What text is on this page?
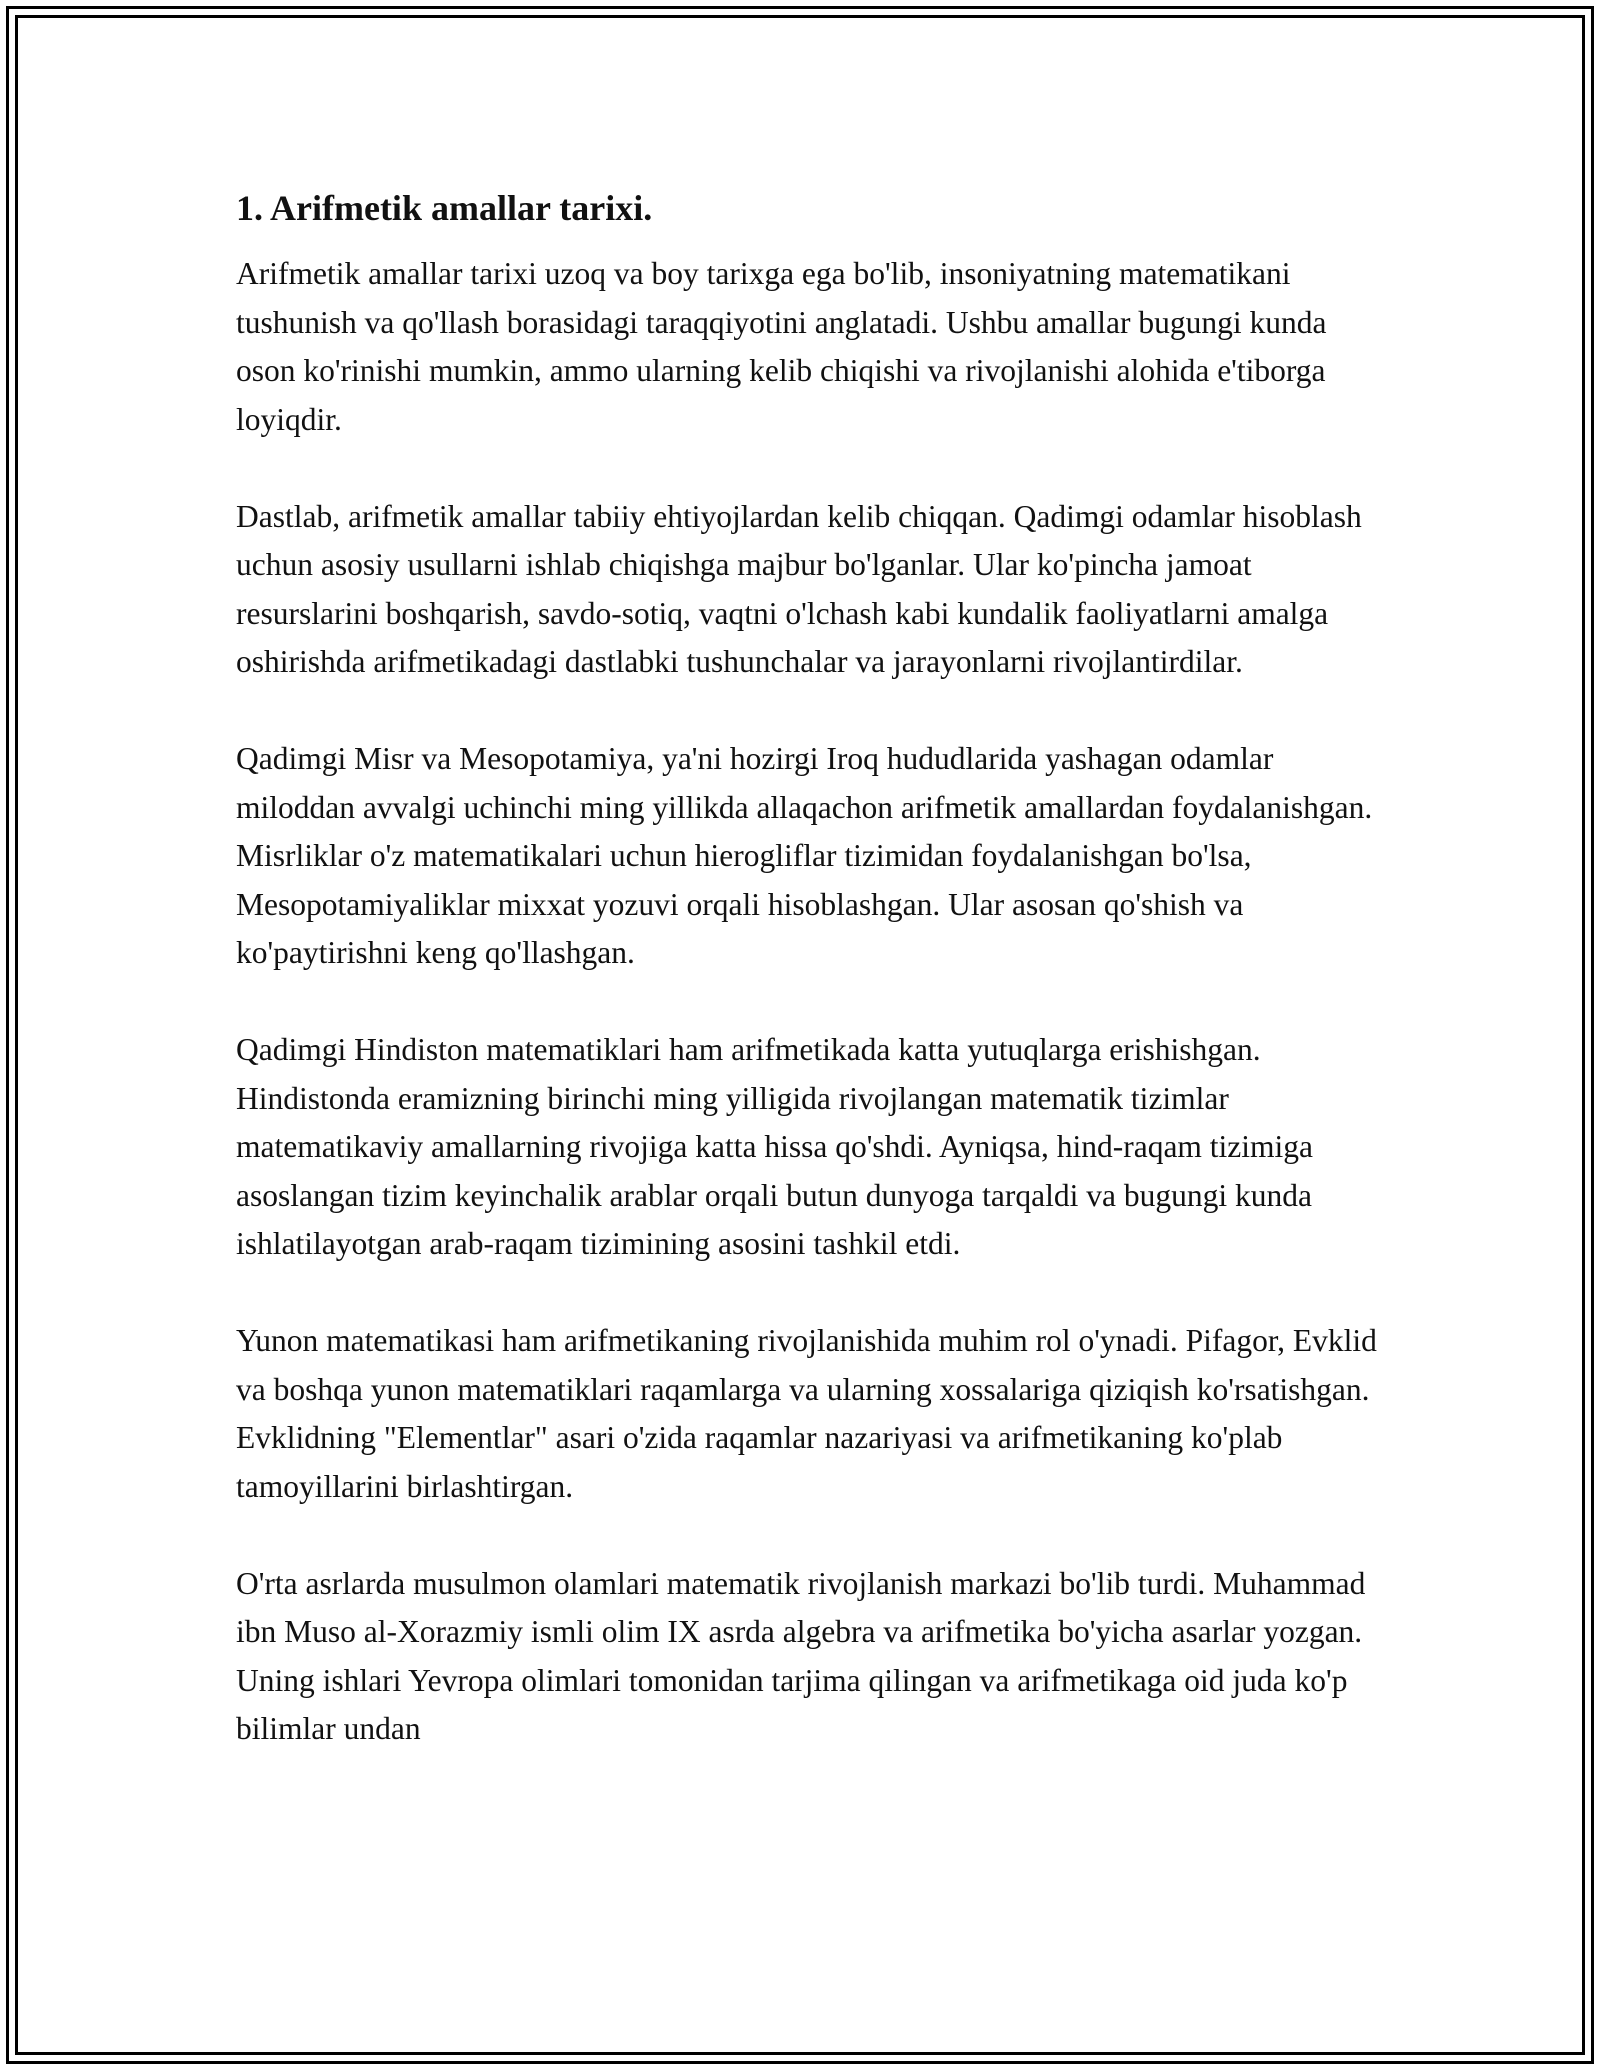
1. Arifmetik amallar tarixi.

Arifmetik amallar tarixi uzoq va boy tarixga ega bo'lib, insoniyatning matematikani tushunish va qo'llash borasidagi taraqqiyotini anglatadi. Ushbu amallar bugungi kunda oson ko'rinishi mumkin, ammo ularning kelib chiqishi va rivojlanishi alohida e'tiborga loyiqdir.

Dastlab, arifmetik amallar tabiiy ehtiyojlardan kelib chiqqan. Qadimgi odamlar hisoblash uchun asosiy usullarni ishlab chiqishga majbur bo'lganlar. Ular ko'pincha jamoat resurslarini boshqarish, savdo-sotiq, vaqtni o'lchash kabi kundalik faoliyatlarni amalga oshirishda arifmetikadagi dastlabki tushunchalar va jarayonlarni rivojlantirdilar.

Qadimgi Misr va Mesopotamiya, ya'ni hozirgi Iroq hududlarida yashagan odamlar miloddan avvalgi uchinchi ming yillikda allaqachon arifmetik amallardan foydalanishgan. Misrliklar o'z matematikalari uchun hierogliflar tizimidan foydalanishgan bo'lsa, Mesopotamiyaliklar mixxat yozuvi orqali hisoblashgan. Ular asosan qo'shish va ko'paytirishni keng qo'llashgan.

Qadimgi Hindiston matematiklari ham arifmetikada katta yutuqlarga erishishgan. Hindistonda eramizning birinchi ming yilligida rivojlangan matematik tizimlar matematikaviy amallarning rivojiga katta hissa qo'shdi. Ayniqsa, hind-raqam tizimiga asoslangan tizim keyinchalik arablar orqali butun dunyoga tarqaldi va bugungi kunda ishlatilayotgan arab-raqam tizimining asosini tashkil etdi.

Yunon matematikasi ham arifmetikaning rivojlanishida muhim rol o'ynadi. Pifagor, Evklid va boshqa yunon matematiklari raqamlarga va ularning xossalariga qiziqish ko'rsatishgan. Evklidning "Elementlar" asari o'zida raqamlar nazariyasi va arifmetikaning ko'plab tamoyillarini birlashtirgan.

O'rta asrlarda musulmon olamlari matematik rivojlanish markazi bo'lib turdi. Muhammad ibn Muso al-Xorazmiy ismli olim IX asrda algebra va arifmetika bo'yicha asarlar yozgan. Uning ishlari Yevropa olimlari tomonidan tarjima qilingan va arifmetikaga oid juda ko'p bilimlar undan
